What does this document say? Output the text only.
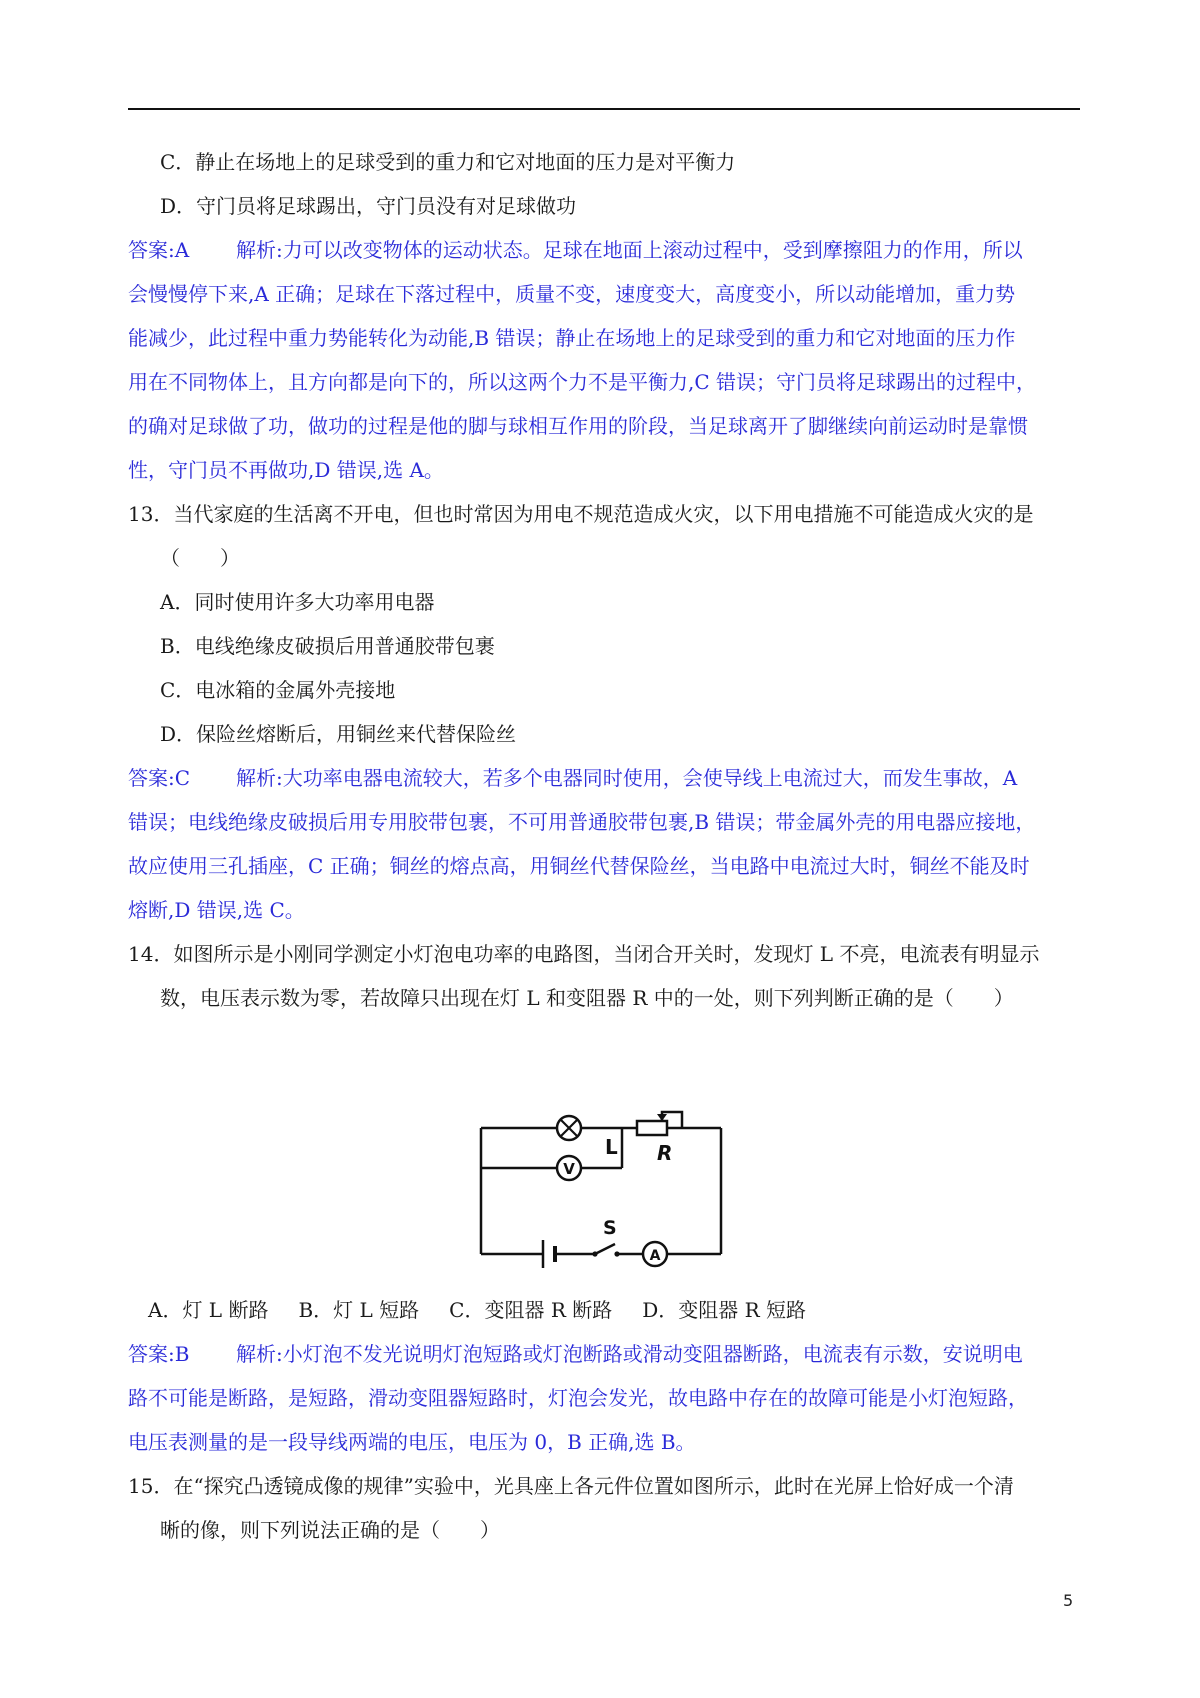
C．静止在场地上的足球受到的重力和它对地面的压力是对平衡力
D．守门员将足球踢出，守门员没有对足球做功
答案:A 解析:力可以改变物体的运动状态。足球在地面上滚动过程中，受到摩擦阻力的作用，所以
会慢慢停下来,A 正确；足球在下落过程中，质量不变，速度变大，高度变小，所以动能增加，重力势
能减少，此过程中重力势能转化为动能,B 错误；静止在场地上的足球受到的重力和它对地面的压力作
用在不同物体上，且方向都是向下的，所以这两个力不是平衡力,C 错误；守门员将足球踢出的过程中，
的确对足球做了功，做功的过程是他的脚与球相互作用的阶段，当足球离开了脚继续向前运动时是靠惯
性，守门员不再做功,D 错误,选 A。
13．当代家庭的生活离不开电，但也时常因为用电不规范造成火灾，以下用电措施不可能造成火灾的是
（　　）
A．同时使用许多大功率用电器
B．电线绝缘皮破损后用普通胶带包裹
C．电冰箱的金属外壳接地
D．保险丝熔断后，用铜丝来代替保险丝
答案:C 解析:大功率电器电流较大，若多个电器同时使用，会使导线上电流过大，而发生事故，A
错误；电线绝缘皮破损后用专用胶带包裹，不可用普通胶带包裹,B 错误；带金属外壳的用电器应接地，
故应使用三孔插座，C 正确；铜丝的熔点高，用铜丝代替保险丝，当电路中电流过大时，铜丝不能及时
熔断,D 错误,选 C。
14．如图所示是小刚同学测定小灯泡电功率的电路图，当闭合开关时，发现灯 L 不亮，电流表有明显示
数，电压表示数为零，若故障只出现在灯 L 和变阻器 R 中的一处，则下列判断正确的是（　　）
V
A
L R
S
A．灯 L 断路 B．灯 L 短路 C．变阻器 R 断路 D．变阻器 R 短路
答案:B 解析:小灯泡不发光说明灯泡短路或灯泡断路或滑动变阻器断路，电流表有示数，安说明电
路不可能是断路，是短路，滑动变阻器短路时，灯泡会发光，故电路中存在的故障可能是小灯泡短路，
电压表测量的是一段导线两端的电压，电压为 0，B 正确,选 B。
15．在“探究凸透镜成像的规律”实验中，光具座上各元件位置如图所示，此时在光屏上恰好成一个清
晰的像，则下列说法正确的是（　　）
5
